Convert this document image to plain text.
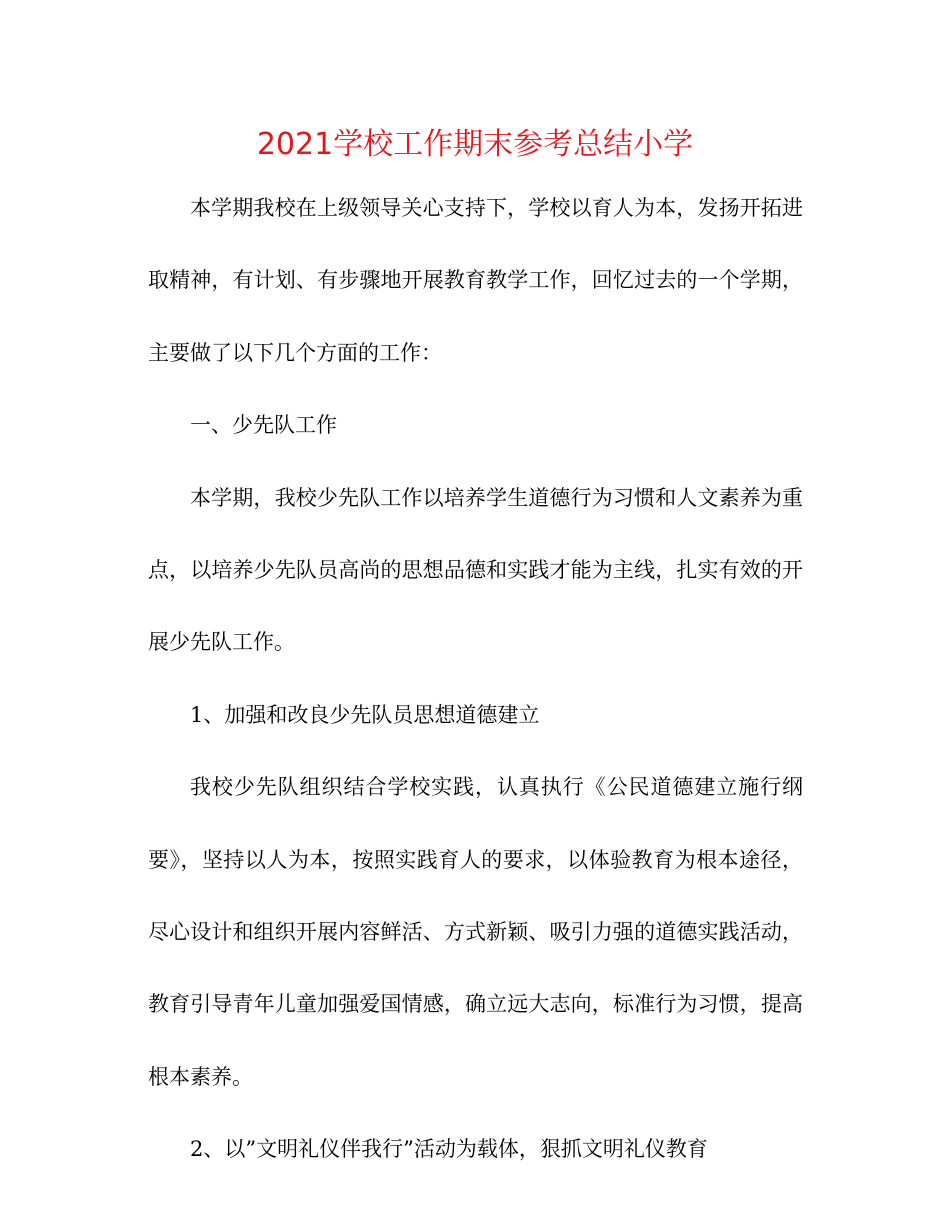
2021学校工作期末参考总结小学

本学期我校在上级领导关心支持下，学校以育人为本，发扬开拓进取精神，有计划、有步骤地开展教育教学工作，回忆过去的一个学期，主要做了以下几个方面的工作：

一、少先队工作

本学期，我校少先队工作以培养学生道德行为习惯和人文素养为重点，以培养少先队员高尚的思想品德和实践才能为主线，扎实有效的开展少先队工作。

1、加强和改良少先队员思想道德建立

我校少先队组织结合学校实践，认真执行《公民道德建立施行纲要》，坚持以人为本，按照实践育人的要求，以体验教育为根本途径，尽心设计和组织开展内容鲜活、方式新颖、吸引力强的道德实践活动，教育引导青年儿童加强爱国情感，确立远大志向，标准行为习惯，提高根本素养。

2、以”文明礼仪伴我行”活动为载体，狠抓文明礼仪教育
